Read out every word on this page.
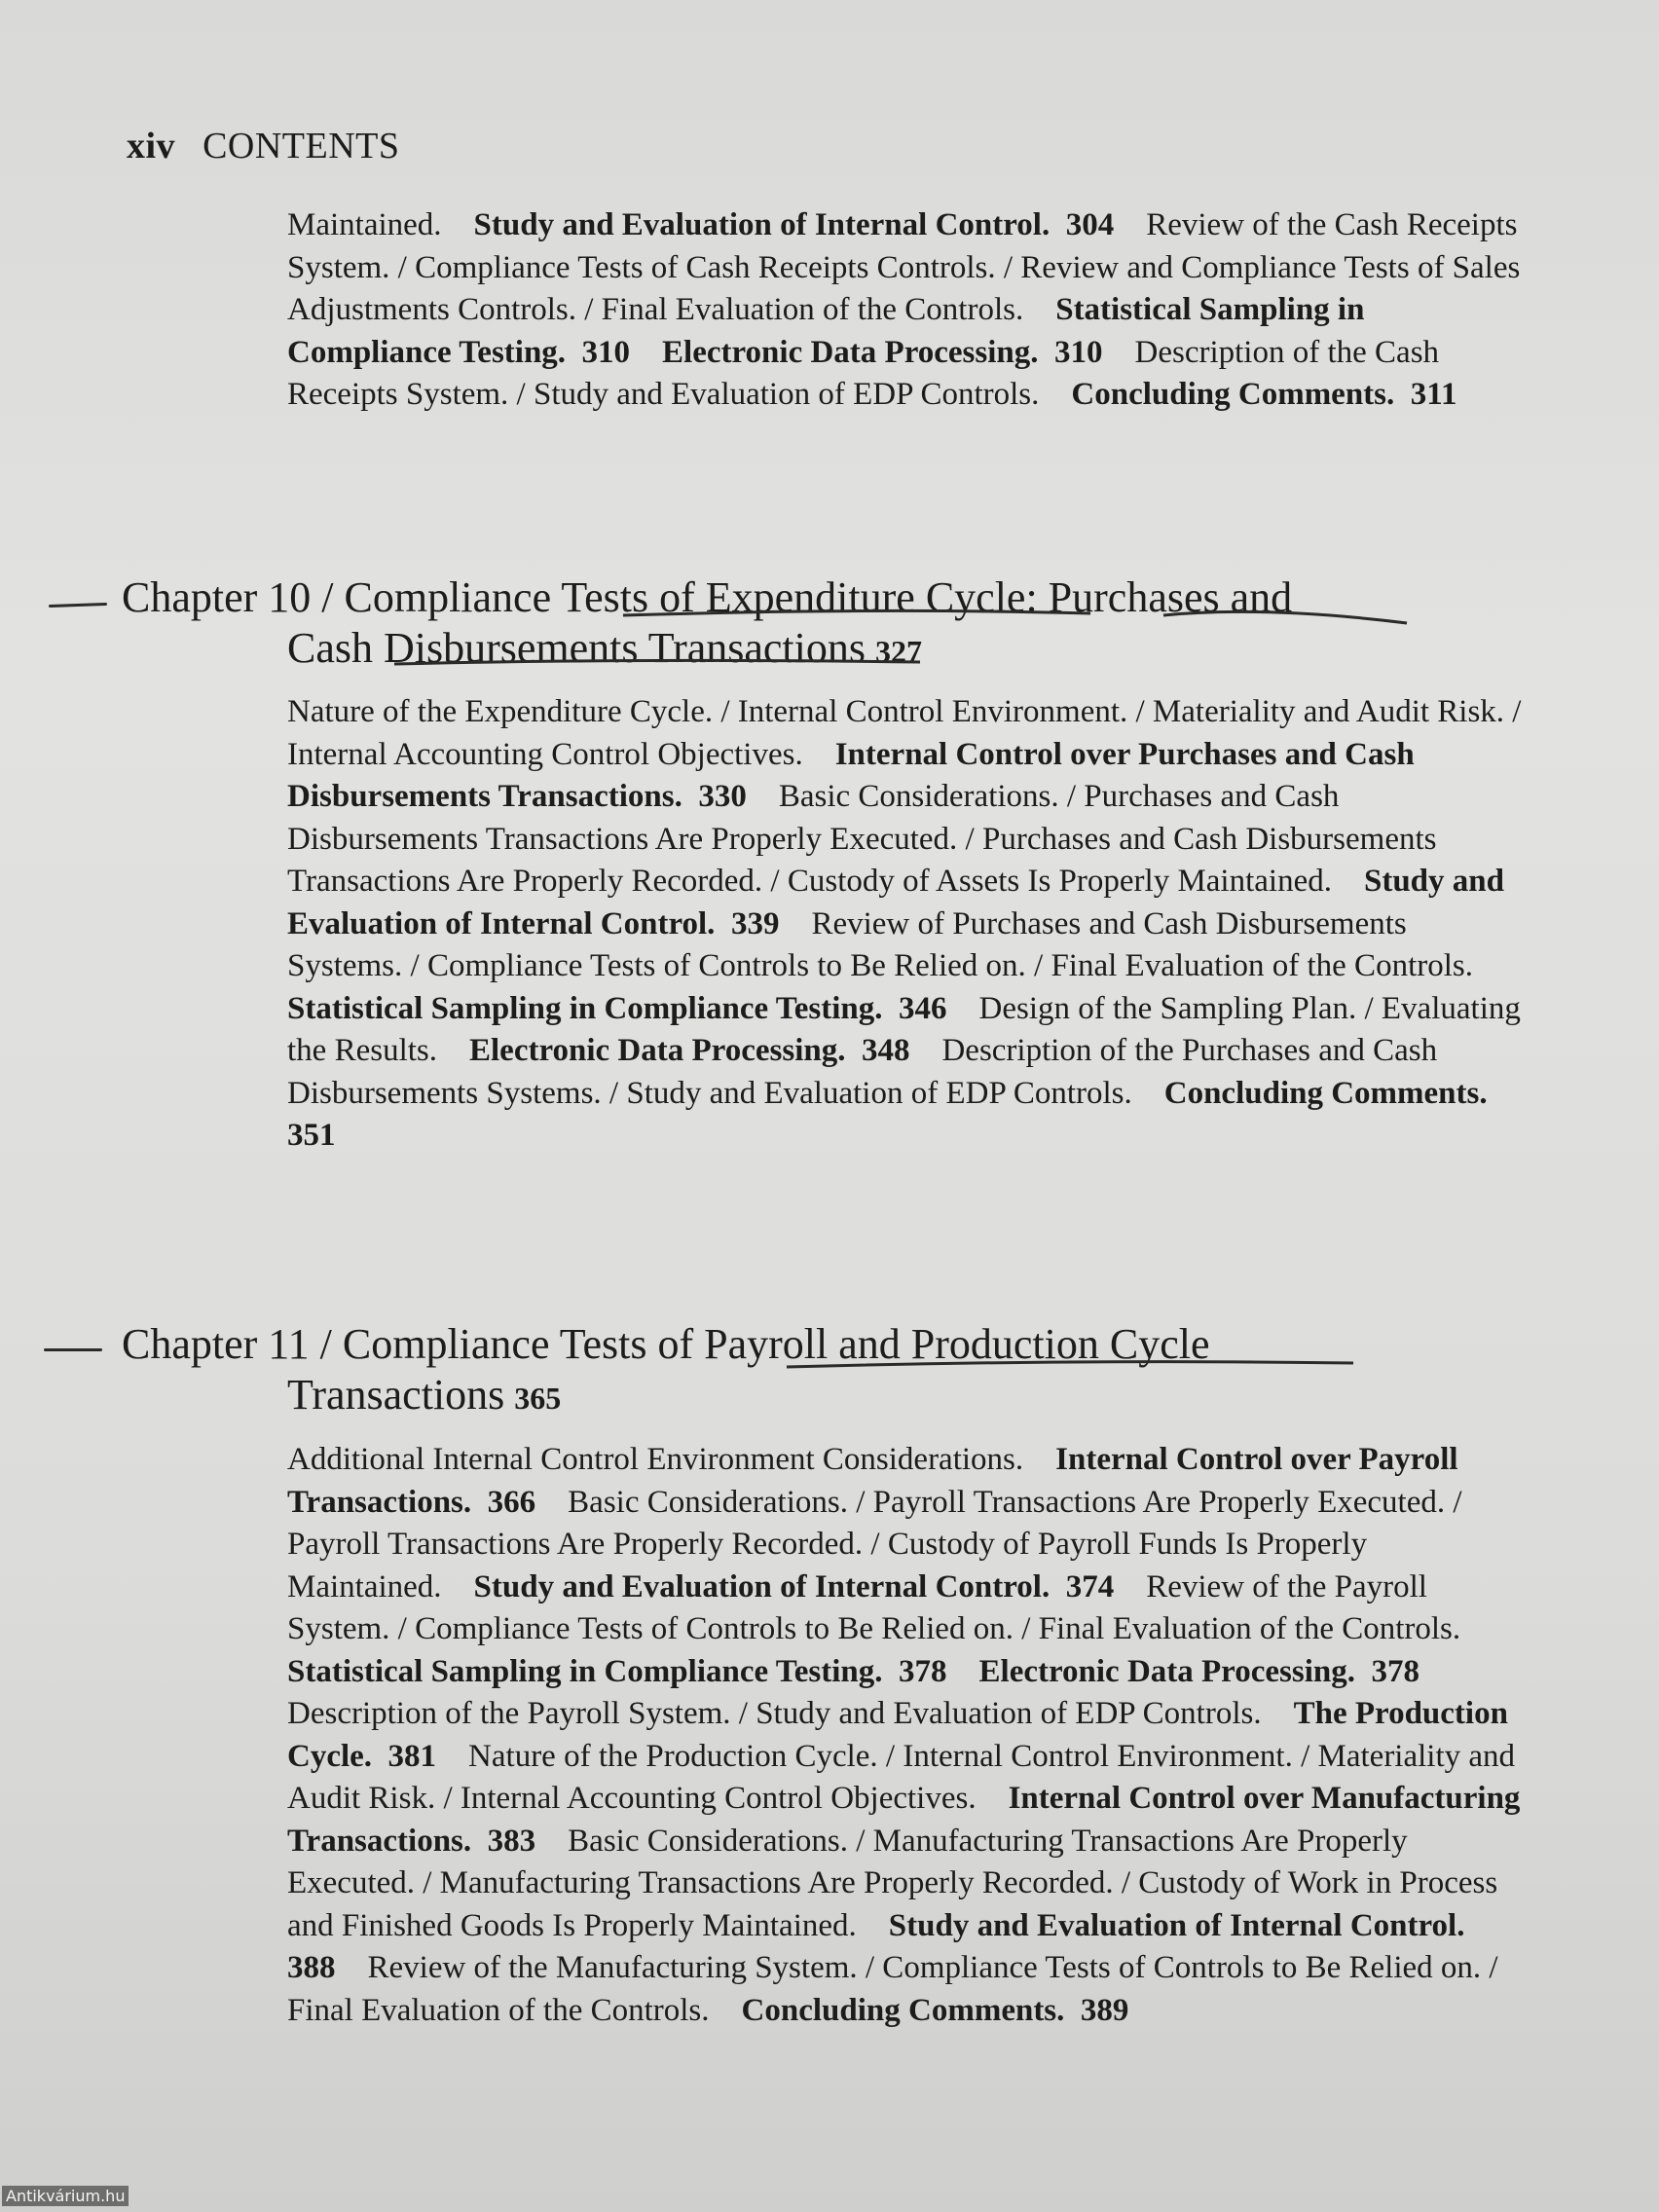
xiv CONTENTS
Maintained. Study and Evaluation of Internal Control. 304 Review of the Cash Receipts System. / Compliance Tests of Cash Receipts Controls. / Review and Compliance Tests of Sales Adjustments Controls. / Final Evaluation of the Controls. Statistical Sampling in Compliance Testing. 310 Electronic Data Processing. 310 Description of the Cash Receipts System. / Study and Evaluation of EDP Controls. Concluding Comments. 311
Chapter 10 / Compliance Tests of Expenditure Cycle: Purchases and
Cash Disbursements Transactions 327
Nature of the Expenditure Cycle. / Internal Control Environment. / Materiality and Audit Risk. / Internal Accounting Control Objectives. Internal Control over Purchases and Cash Disbursements Transactions. 330 Basic Considerations. / Purchases and Cash Disbursements Transactions Are Properly Executed. / Purchases and Cash Disbursements Transactions Are Properly Recorded. / Custody of Assets Is Properly Maintained. Study and Evaluation of Internal Control. 339 Review of Purchases and Cash Disbursements Systems. / Compliance Tests of Controls to Be Relied on. / Final Evaluation of the Controls.    Statistical Sampling in Compliance Testing. 346 Design of the Sampling Plan. / Evaluating the Results. Electronic Data Processing. 348 Description of the Purchases and Cash Disbursements Systems. / Study and Evaluation of EDP Controls. Concluding Comments.  351
Chapter 11 / Compliance Tests of Payroll and Production Cycle
Transactions 365
Additional Internal Control Environment Considerations. Internal Control over Payroll Transactions. 366 Basic Considerations. / Payroll Transactions Are Properly Executed. / Payroll Transactions Are Properly Recorded. / Custody of Payroll Funds Is Properly Maintained. Study and Evaluation of Internal Control. 374 Review of the Payroll System. / Compliance Tests of Controls to Be Relied on. / Final Evaluation of the Controls.    Statistical Sampling in Compliance Testing. 378 Electronic Data Processing. 378    Description of the Payroll System. / Study and Evaluation of EDP Controls. The Production Cycle. 381 Nature of the Production Cycle. / Internal Control Environment. / Materiality and Audit Risk. / Internal Accounting Control Objectives. Internal Control over Manufacturing Transactions. 383 Basic Considerations. / Manufacturing Transactions Are Properly Executed. / Manufacturing Transactions Are Properly Recorded. / Custody of Work in Process and Finished Goods Is Properly Maintained. Study and Evaluation of Internal Control.  388 Review of the Manufacturing System. / Compliance Tests of Controls to Be Relied on. / Final Evaluation of the Controls. Concluding Comments. 389
Antikvárium.hu
